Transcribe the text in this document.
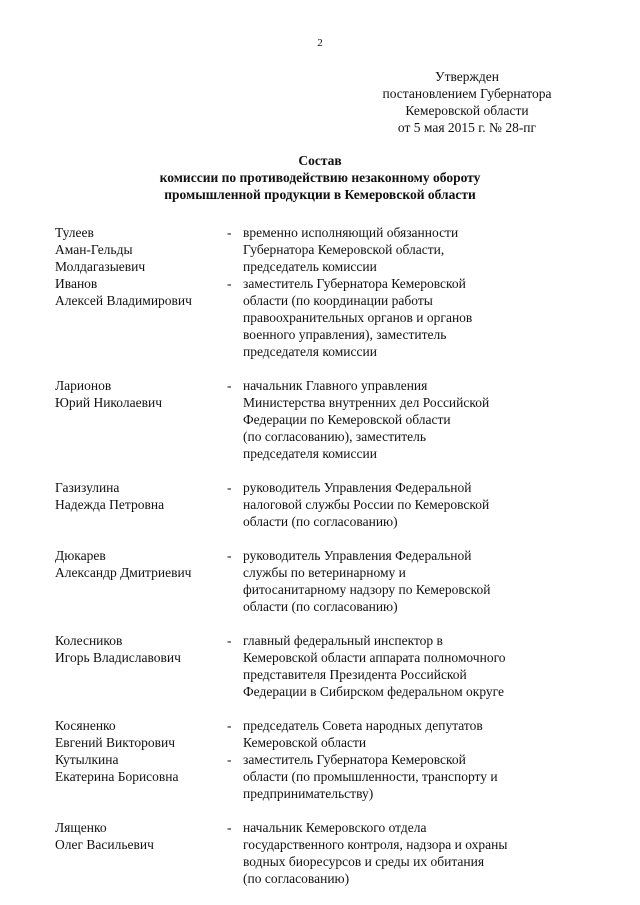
2
Утвержден
постановлением Губернатора
Кемеровской области
от 5 мая 2015 г. № 28-пг
Состав
комиссии по противодействию незаконному обороту
промышленной продукции в Кемеровской области
Тулеев
Аман-Гельды
Молдагазыевич
- временно исполняющий обязанности
Губернатора Кемеровской области,
председатель комиссии
Иванов
Алексей Владимирович
- заместитель Губернатора Кемеровской
области (по координации работы
правоохранительных органов и органов
военного управления), заместитель
председателя комиссии
Ларионов
Юрий Николаевич
- начальник Главного управления
Министерства внутренних дел Российской
Федерации по Кемеровской области
(по согласованию), заместитель
председателя комиссии
Газизулина
Надежда Петровна
- руководитель Управления Федеральной
налоговой службы России по Кемеровской
области (по согласованию)
Дюкарев
Александр Дмитриевич
- руководитель Управления Федеральной
службы по ветеринарному и
фитосанитарному надзору по Кемеровской
области (по согласованию)
Колесников
Игорь Владиславович
- главный федеральный инспектор в
Кемеровской области аппарата полномочного
представителя Президента Российской
Федерации в Сибирском федеральном округе
Косяненко
Евгений Викторович
- председатель Совета народных депутатов
Кемеровской области
Кутылкина
Екатерина Борисовна
- заместитель Губернатора Кемеровской
области (по промышленности, транспорту и
предпринимательству)
Лященко
Олег Васильевич
- начальник Кемеровского отдела
государственного контроля, надзора и охраны
водных биоресурсов и среды их обитания
(по согласованию)
